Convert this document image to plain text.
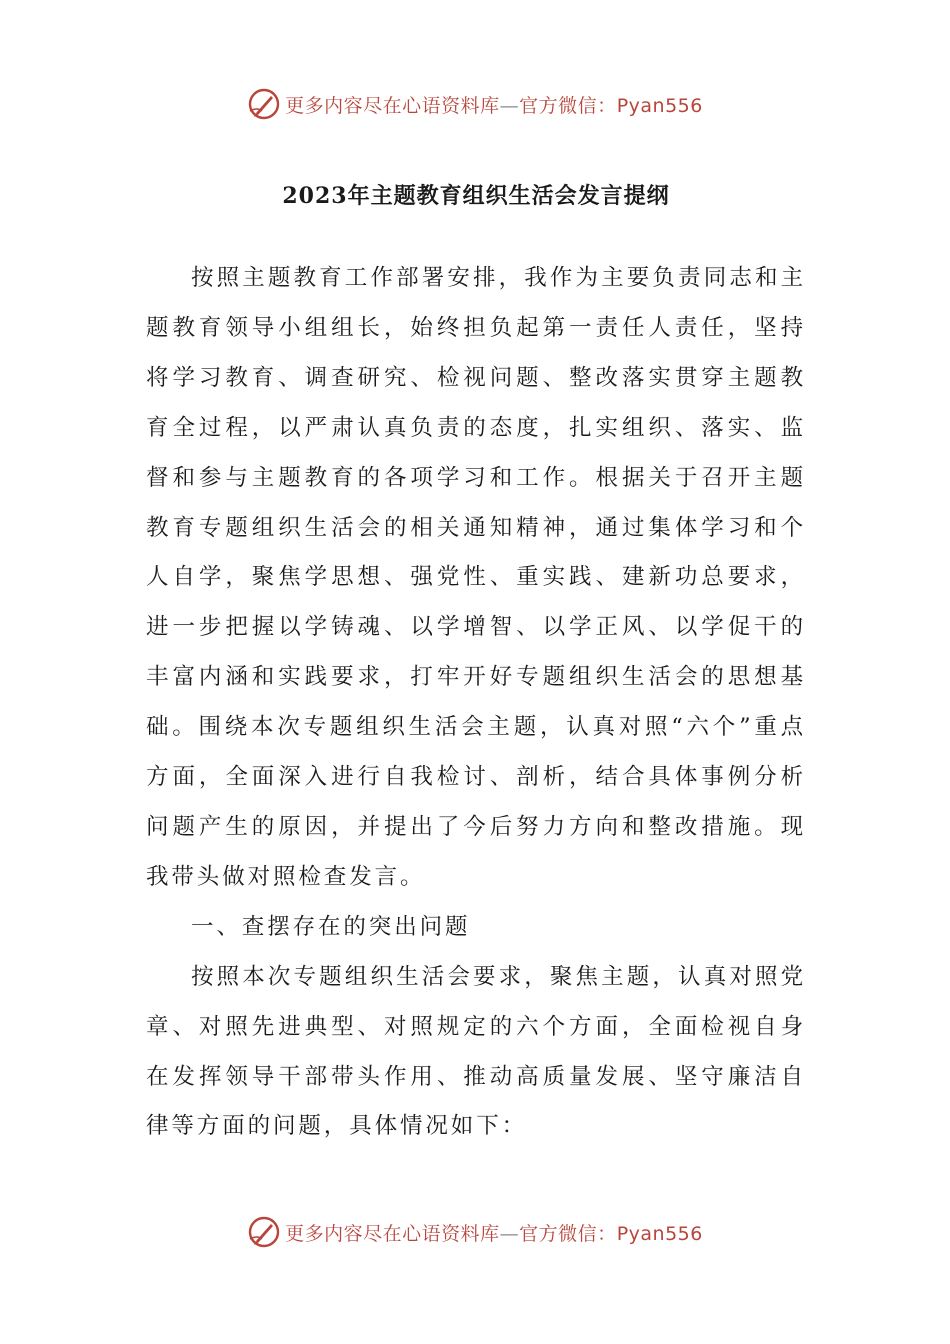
更多内容尽在心语资料库—官方微信：Pyan556
2023年主题教育组织生活会发言提纲

按照主题教育工作部署安排，我作为主要负责同志和主题教育领导小组组长，始终担负起第一责任人责任，坚持将学习教育、调查研究、检视问题、整改落实贯穿主题教育全过程，以严肃认真负责的态度，扎实组织、落实、监督和参与主题教育的各项学习和工作。根据关于召开主题教育专题组织生活会的相关通知精神，通过集体学习和个人自学，聚焦学思想、强党性、重实践、建新功总要求，进一步把握以学铸魂、以学增智、以学正风、以学促干的丰富内涵和实践要求，打牢开好专题组织生活会的思想基础。围绕本次专题组织生活会主题，认真对照“六个”重点方面，全面深入进行自我检讨、剖析，结合具体事例分析问题产生的原因，并提出了今后努力方向和整改措施。现我带头做对照检查发言。

一、查摆存在的突出问题

按照本次专题组织生活会要求，聚焦主题，认真对照党章、对照先进典型、对照规定的六个方面，全面检视自身在发挥领导干部带头作用、推动高质量发展、坚守廉洁自律等方面的问题，具体情况如下：

更多内容尽在心语资料库—官方微信：Pyan556
